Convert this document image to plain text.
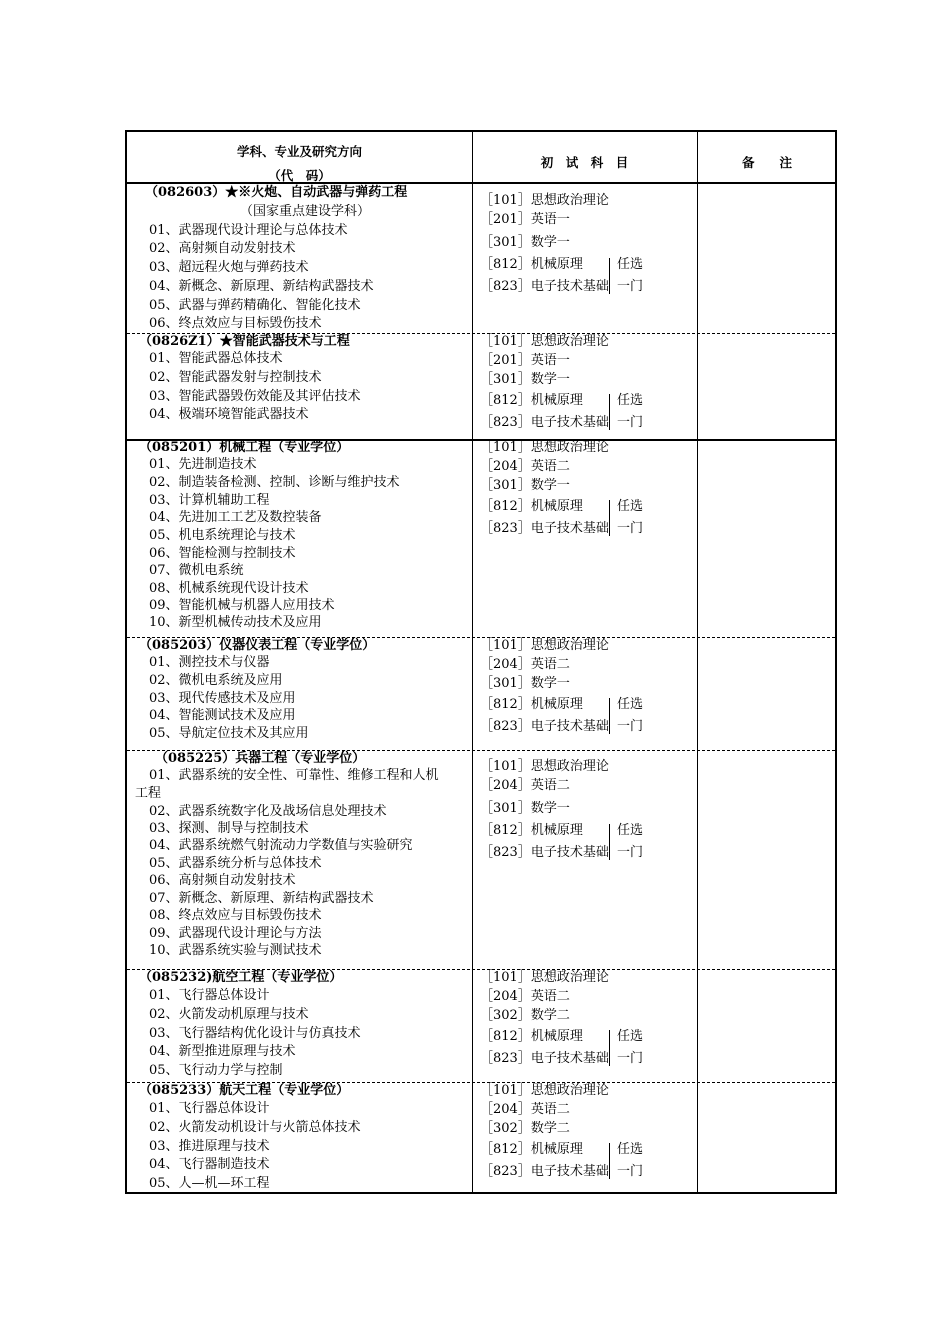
学科、专业及研究方向
（代　码）
初　试　科　目	备　　注
（082603）★※火炮、自动武器与弹药工程
（国家重点建设学科）
01、武器现代设计理论与总体技术
02、高射频自动发射技术
03、超远程火炮与弹药技术
04、新概念、新原理、新结构武器技术
05、武器与弹药精确化、智能化技术
06、终点效应与目标毁伤技术
［101］思想政治理论
［201］英语一
［301］数学一
［812］机械原理
［823］电子技术基础
任选
一门
（0826Z1）★智能武器技术与工程
01、智能武器总体技术
02、智能武器发射与控制技术
03、智能武器毁伤效能及其评估技术
04、极端环境智能武器技术
［101］思想政治理论
［201］英语一
［301］数学一
［812］机械原理
［823］电子技术基础
任选
一门
（085201）机械工程（专业学位）
01、先进制造技术
02、制造装备检测、控制、诊断与维护技术
03、计算机辅助工程
04、先进加工工艺及数控装备
05、机电系统理论与技术
06、智能检测与控制技术
07、微机电系统
08、机械系统现代设计技术
09、智能机械与机器人应用技术
10、新型机械传动技术及应用
［101］思想政治理论
［204］英语二
［301］数学一
［812］机械原理
［823］电子技术基础
任选
一门
（085203）仪器仪表工程（专业学位）
01、测控技术与仪器
02、微机电系统及应用
03、现代传感技术及应用
04、智能测试技术及应用
05、导航定位技术及其应用
［101］思想政治理论
［204］英语二
［301］数学一
［812］机械原理
［823］电子技术基础
任选
一门
（085225）兵器工程（专业学位）
01、武器系统的安全性、可靠性、维修工程和人机
工程
02、武器系统数字化及战场信息处理技术
03、探测、制导与控制技术
04、武器系统燃气射流动力学数值与实验研究
05、武器系统分析与总体技术
06、高射频自动发射技术
07、新概念、新原理、新结构武器技术
08、终点效应与目标毁伤技术
09、武器现代设计理论与方法
10、武器系统实验与测试技术
［101］思想政治理论
［204］英语二
［301］数学一
［812］机械原理
［823］电子技术基础
任选
一门
（085232)航空工程（专业学位）
01、飞行器总体设计
02、火箭发动机原理与技术
03、飞行器结构优化设计与仿真技术
04、新型推进原理与技术
05、飞行动力学与控制
［101］思想政治理论
［204］英语二
［302］数学二
［812］机械原理
［823］电子技术基础
任选
一门
（085233）航天工程（专业学位）
01、飞行器总体设计
02、火箭发动机设计与火箭总体技术
03、推进原理与技术
04、飞行器制造技术
05、人—机—环工程
［101］思想政治理论
［204］英语二
［302］数学二
［812］机械原理
［823］电子技术基础
任选
一门
